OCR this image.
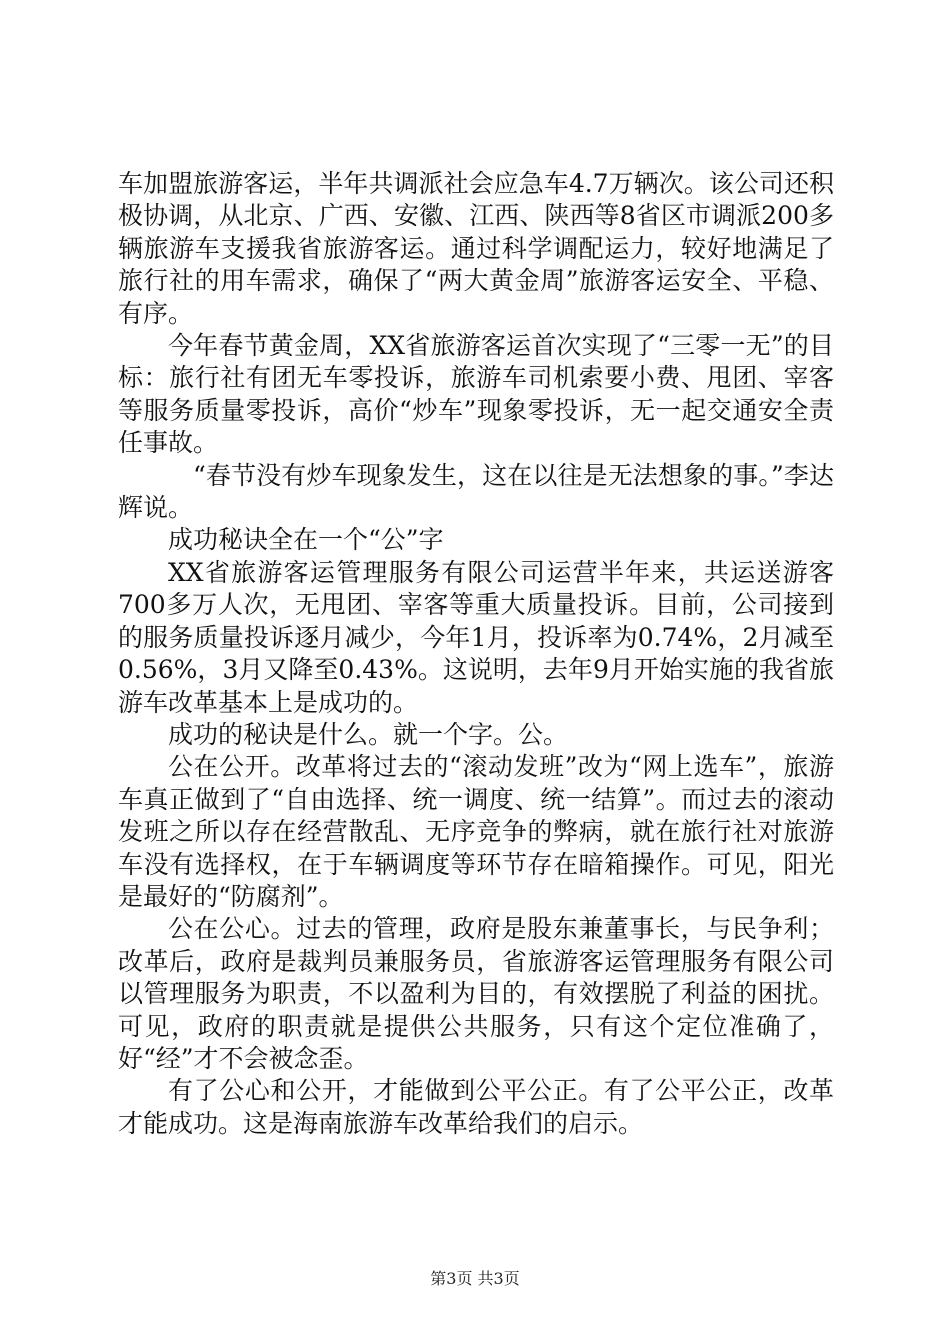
车加盟旅游客运，半年共调派社会应急车4.7万辆次。该公司还积极协调，从北京、广西、安徽、江西、陕西等8省区市调派200多辆旅游车支援我省旅游客运。通过科学调配运力，较好地满足了旅行社的用车需求，确保了“两大黄金周”旅游客运安全、平稳、有序。

今年春节黄金周，XX省旅游客运首次实现了“三零一无”的目标：旅行社有团无车零投诉，旅游车司机索要小费、甩团、宰客等服务质量零投诉，高价“炒车”现象零投诉，无一起交通安全责任事故。

“春节没有炒车现象发生，这在以往是无法想象的事。”李达辉说。

成功秘诀全在一个“公”字

XX省旅游客运管理服务有限公司运营半年来，共运送游客700多万人次，无甩团、宰客等重大质量投诉。目前，公司接到的服务质量投诉逐月减少，今年1月，投诉率为0.74%，2月减至0.56%，3月又降至0.43%。这说明，去年9月开始实施的我省旅游车改革基本上是成功的。

成功的秘诀是什么。就一个字。公。

公在公开。改革将过去的“滚动发班”改为“网上选车”，旅游车真正做到了“自由选择、统一调度、统一结算”。而过去的滚动发班之所以存在经营散乱、无序竞争的弊病，就在旅行社对旅游车没有选择权，在于车辆调度等环节存在暗箱操作。可见，阳光是最好的“防腐剂”。

公在公心。过去的管理，政府是股东兼董事长，与民争利；改革后，政府是裁判员兼服务员，省旅游客运管理服务有限公司以管理服务为职责，不以盈利为目的，有效摆脱了利益的困扰。可见，政府的职责就是提供公共服务，只有这个定位准确了，好“经”才不会被念歪。

有了公心和公开，才能做到公平公正。有了公平公正，改革才能成功。这是海南旅游车改革给我们的启示。

第3页 共3页
